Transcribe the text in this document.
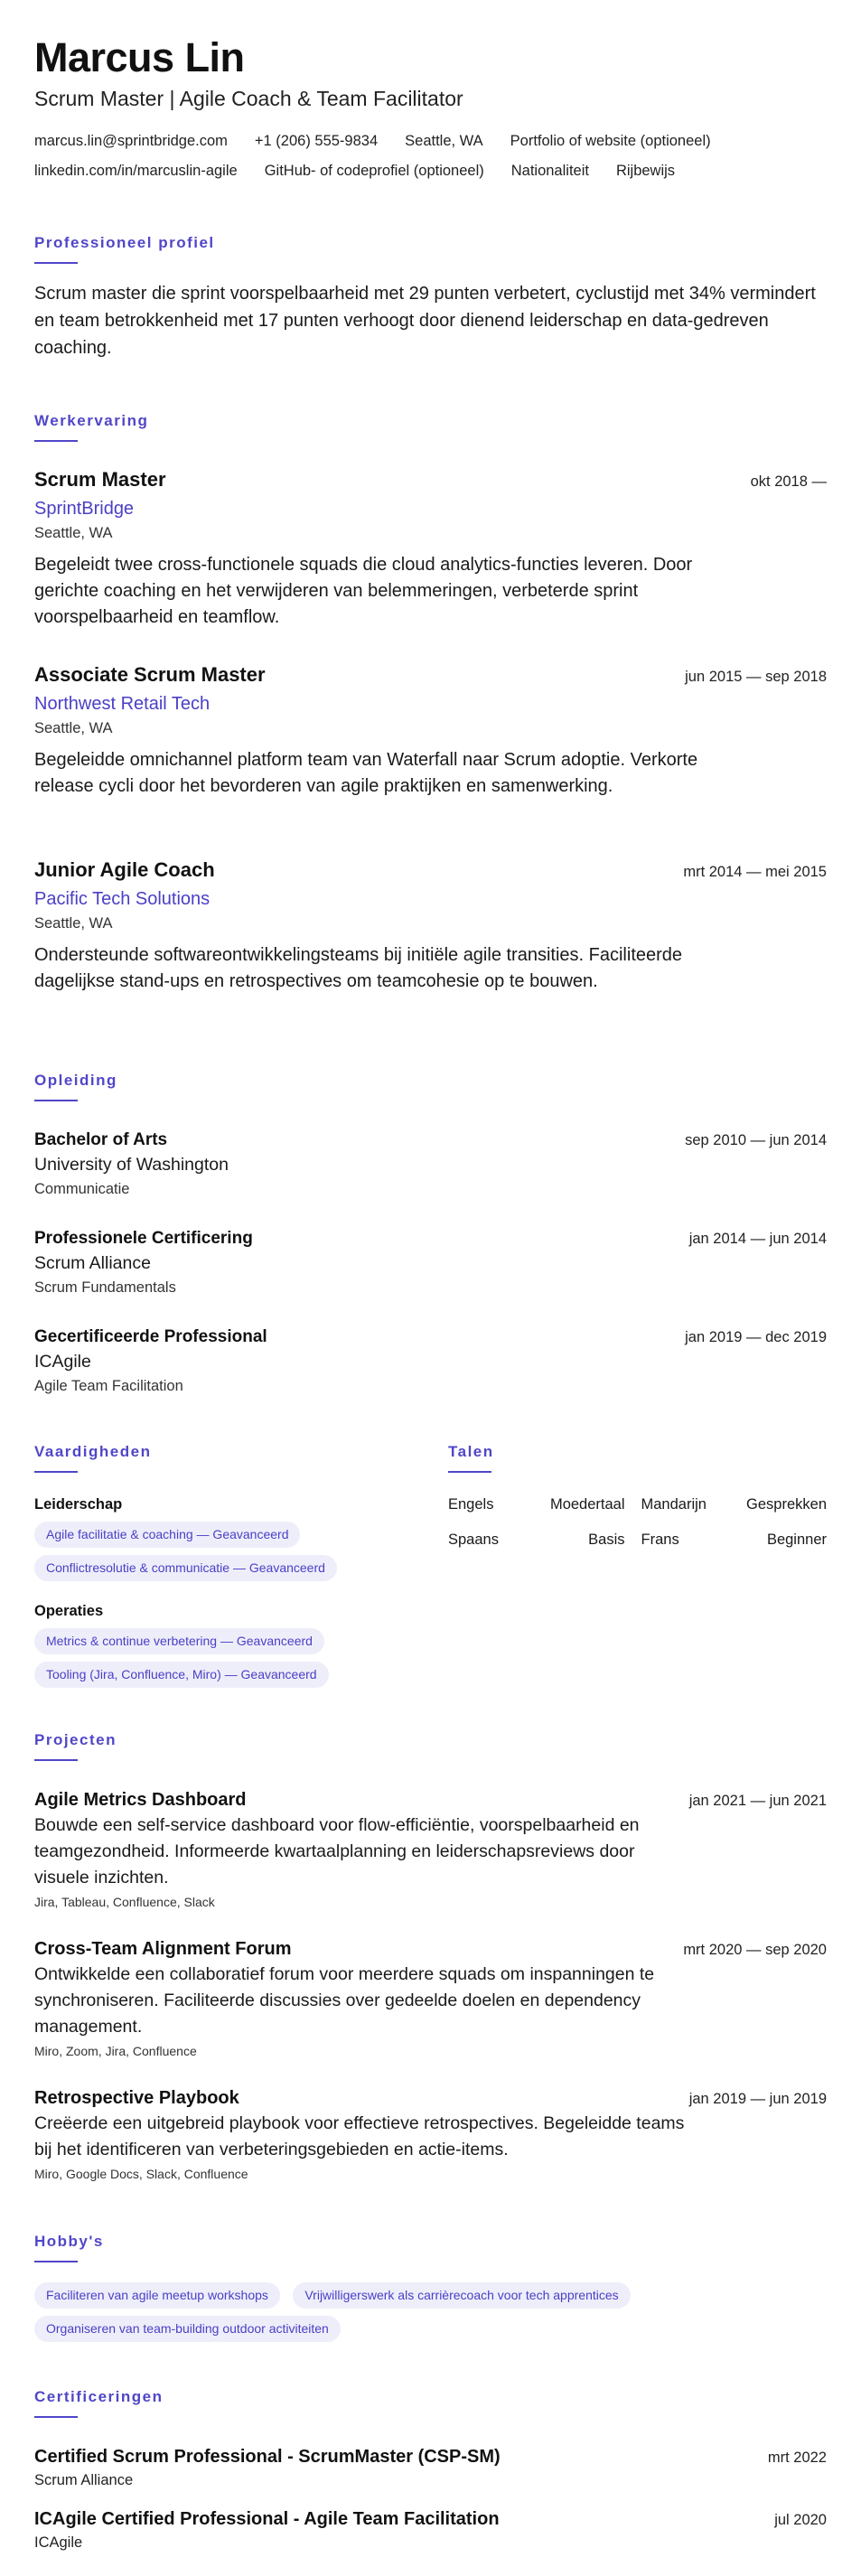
Marcus Lin
Scrum Master | Agile Coach & Team Facilitator
marcus.lin@sprintbridge.com +1 (206) 555-9834 Seattle, WA Portfolio of website (optioneel)
linkedin.com/in/marcuslin-agile GitHub- of codeprofiel (optioneel) Nationaliteit Rijbewijs
Professioneel profiel
Scrum master die sprint voorspelbaarheid met 29 punten verbetert, cyclustijd met 34% vermindert en team betrokkenheid met 17 punten verhoogt door dienend leiderschap en data-gedreven coaching.
Werkervaring
Scrum Master	okt 2018 —
SprintBridge
Seattle, WA
Begeleidt twee cross-functionele squads die cloud analytics-functies leveren. Door gerichte coaching en het verwijderen van belemmeringen, verbeterde sprint voorspelbaarheid en teamflow.
Associate Scrum Master	jun 2015 — sep 2018
Northwest Retail Tech
Seattle, WA
Begeleidde omnichannel platform team van Waterfall naar Scrum adoptie. Verkorte release cycli door het bevorderen van agile praktijken en samenwerking.
Junior Agile Coach	mrt 2014 — mei 2015
Pacific Tech Solutions
Seattle, WA
Ondersteunde softwareontwikkelingsteams bij initiële agile transities. Faciliteerde dagelijkse stand-ups en retrospectives om teamcohesie op te bouwen.
Opleiding
Bachelor of Arts	sep 2010 — jun 2014
University of Washington
Communicatie
Professionele Certificering	jan 2014 — jun 2014
Scrum Alliance
Scrum Fundamentals
Gecertificeerde Professional	jan 2019 — dec 2019
ICAgile
Agile Team Facilitation
Vaardigheden
Leiderschap
Agile facilitatie & coaching — Geavanceerd
Conflictresolutie & communicatie — Geavanceerd
Operaties
Metrics & continue verbetering — Geavanceerd
Tooling (Jira, Confluence, Miro) — Geavanceerd
Talen
Engels	Moedertaal Mandarijn	Gesprekken
Spaans	Basis Frans	Beginner
Projecten
Agile Metrics Dashboard	jan 2021 — jun 2021
Bouwde een self-service dashboard voor flow-efficiëntie, voorspelbaarheid en teamgezondheid. Informeerde kwartaalplanning en leiderschapsreviews door visuele inzichten.
Jira, Tableau, Confluence, Slack
Cross-Team Alignment Forum	mrt 2020 — sep 2020
Ontwikkelde een collaboratief forum voor meerdere squads om inspanningen te synchroniseren. Faciliteerde discussies over gedeelde doelen en dependency management.
Miro, Zoom, Jira, Confluence
Retrospective Playbook	jan 2019 — jun 2019
Creëerde een uitgebreid playbook voor effectieve retrospectives. Begeleidde teams bij het identificeren van verbeteringsgebieden en actie-items.
Miro, Google Docs, Slack, Confluence
Hobby's
Faciliteren van agile meetup workshops	Vrijwilligerswerk als carrièrecoach voor tech apprentices
Organiseren van team-building outdoor activiteiten
Certificeringen
Certified Scrum Professional - ScrumMaster (CSP-SM)	mrt 2022
Scrum Alliance
ICAgile Certified Professional - Agile Team Facilitation	jul 2020
ICAgile
